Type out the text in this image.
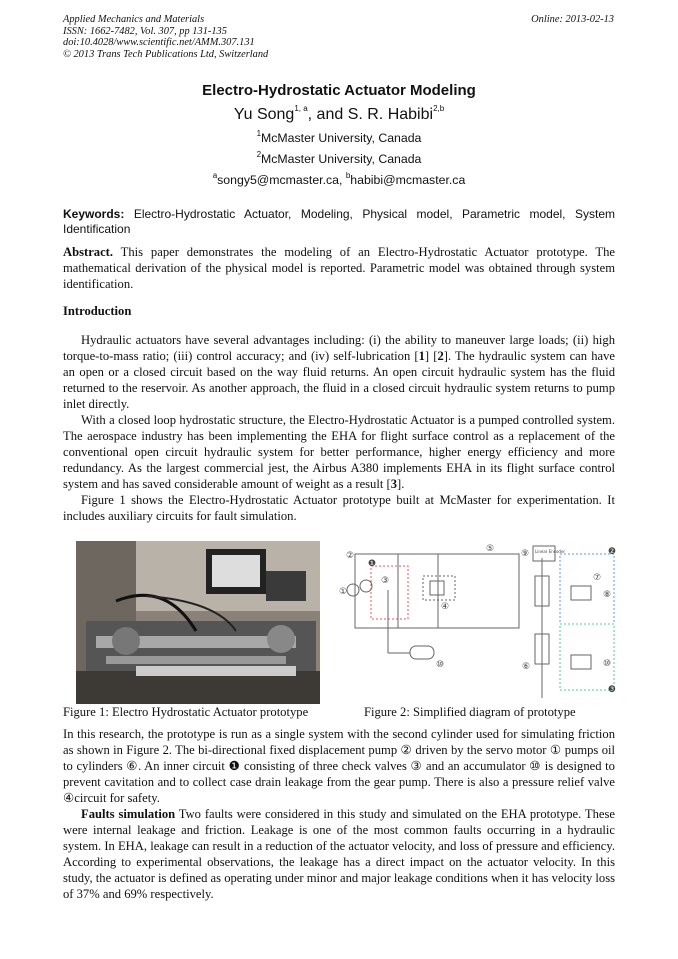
Applied Mechanics and Materials
ISSN: 1662-7482, Vol. 307, pp 131-135
doi:10.4028/www.scientific.net/AMM.307.131
© 2013 Trans Tech Publications Ltd, Switzerland
Online: 2013-02-13
Electro-Hydrostatic Actuator Modeling
Yu Song$^{1, a}$, and S. R. Habibi$^{2,b}$
$^1$McMaster University, Canada
$^2$McMaster University, Canada
$^a$songy5@mcmaster.ca, $^b$habibi@mcmaster.ca
Keywords: Electro-Hydrostatic Actuator, Modeling, Physical model, Parametric model, System Identification
Abstract. This paper demonstrates the modeling of an Electro-Hydrostatic Actuator prototype. The mathematical derivation of the physical model is reported. Parametric model was obtained through system identification.

Introduction

Hydraulic actuators have several advantages including: (i) the ability to maneuver large loads; (ii) high torque-to-mass ratio; (iii) control accuracy; and (iv) self-lubrication [1] [2]. The hydraulic system can have an open or a closed circuit based on the way fluid returns. An open circuit hydraulic system has the fluid returned to the reservoir. As another approach, the fluid in a closed circuit hydraulic system returns to pump inlet directly.

With a closed loop hydrostatic structure, the Electro-Hydrostatic Actuator is a pumped controlled system. The aerospace industry has been implementing the EHA for flight surface control as a replacement of the conventional open circuit hydraulic system for better performance, higher energy efficiency and more redundancy. As the largest commercial jest, the Airbus A380 implements EHA in its flight surface control system and has saved considerable amount of weight as a result [3].

Figure 1 shows the Electro-Hydrostatic Actuator prototype built at McMaster for experimentation. It includes auxiliary circuits for fault simulation.

①
②
❶
③
④
⑤
⑥
⑦
⑧
⑨
⑩	⑩
❷
❸
Linear Encoder
Figure 1: Electro Hydrostatic Actuator prototype	Figure 2: Simplified diagram of prototype

In this research, the prototype is run as a single system with the second cylinder used for simulating friction as shown in Figure 2. The bi-directional fixed displacement pump ② driven by the servo motor ① pumps oil to cylinders ⑥. An inner circuit ❶ consisting of three check valves ③ and an accumulator ⑩ is designed to prevent cavitation and to collect case drain leakage from the gear pump. There is also a pressure relief valve ④circuit for safety.

Faults simulation Two faults were considered in this study and simulated on the EHA prototype. These were internal leakage and friction. Leakage is one of the most common faults occurring in a hydraulic system. In EHA, leakage can result in a reduction of the actuator velocity, and loss of pressure and efficiency. According to experimental observations, the leakage has a direct impact on the actuator velocity. In this study, the actuator is defined as operating under minor and major leakage conditions when it has velocity loss of 37% and 69% respectively.
